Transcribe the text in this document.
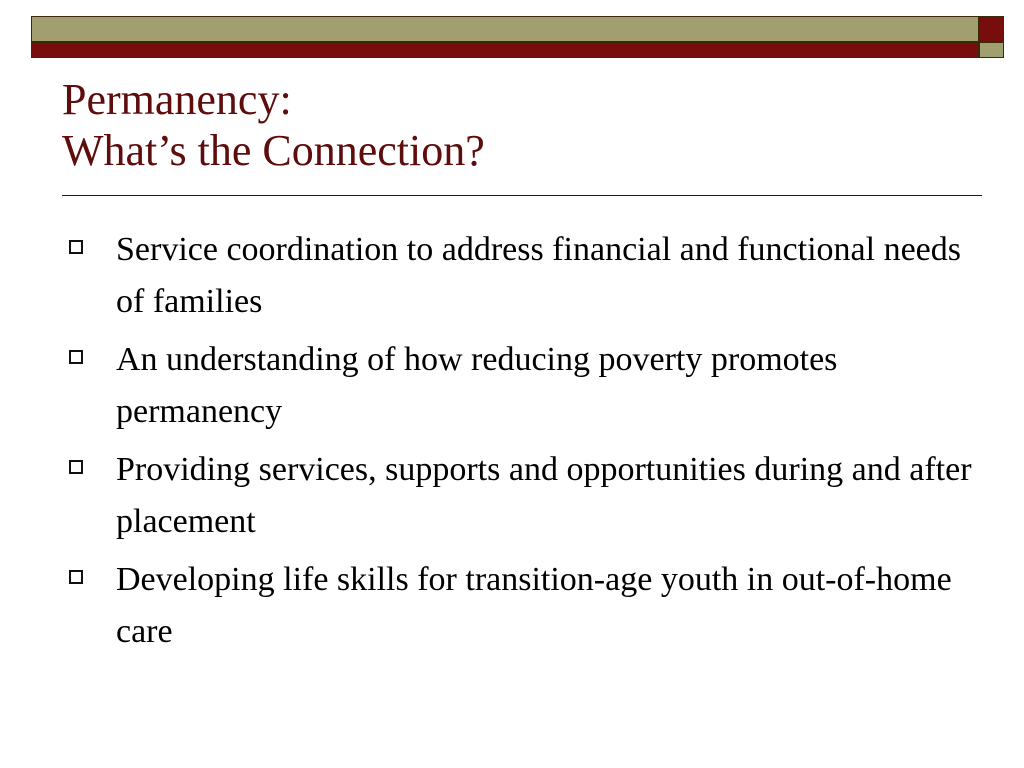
Permanency:
What’s the Connection?
Service coordination to address financial and functional needs of families
An understanding of how reducing poverty promotes permanency
Providing services, supports and opportunities during and after placement
Developing life skills for transition-age youth in out-of-home care
